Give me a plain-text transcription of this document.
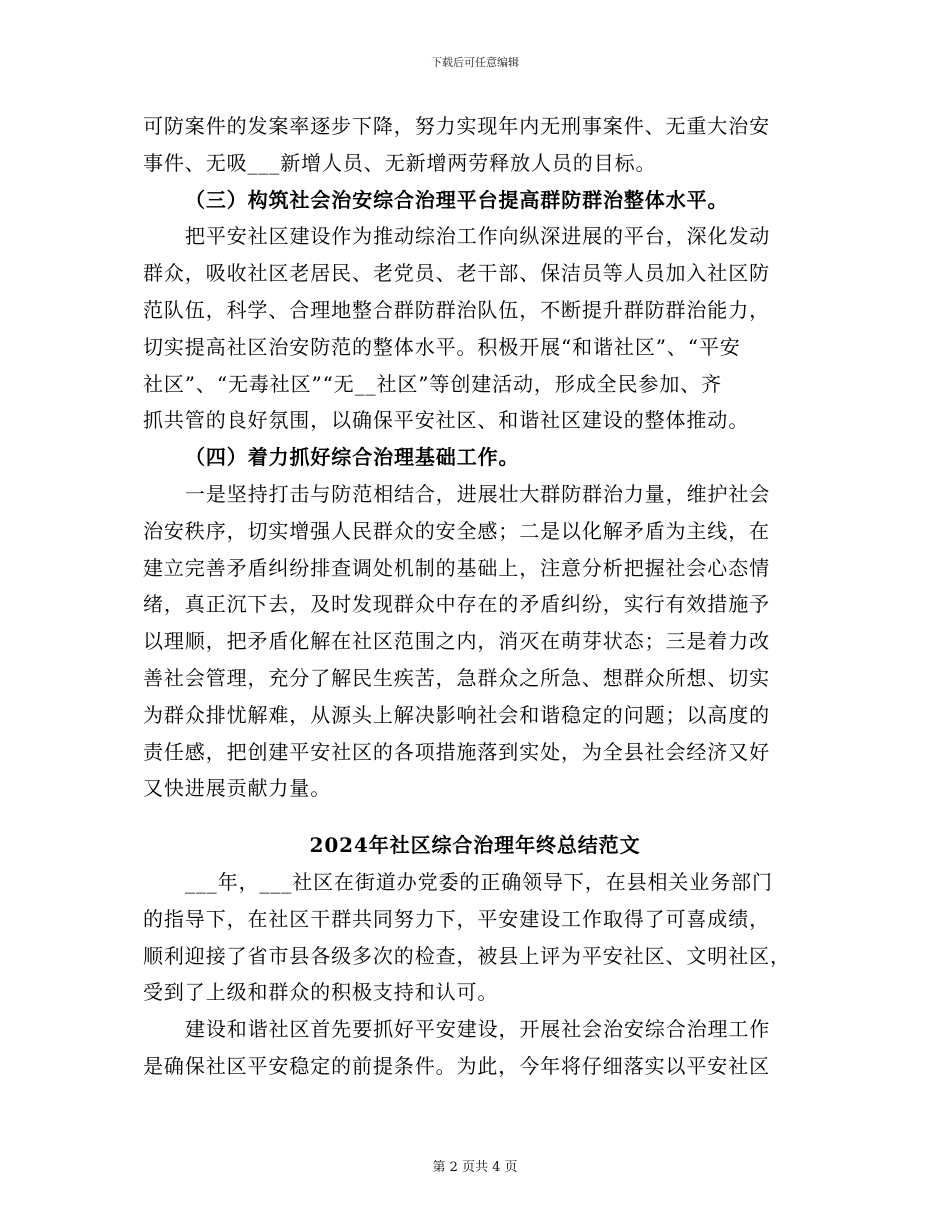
下载后可任意编辑
可防案件的发案率逐步下降，努力实现年内无刑事案件、无重大治安
事件、无吸___新增人员、无新增两劳释放人员的目标。
（三）构筑社会治安综合治理平台提高群防群治整体水平。
把平安社区建设作为推动综治工作向纵深进展的平台，深化发动
群众，吸收社区老居民、老党员、老干部、保洁员等人员加入社区防
范队伍，科学、合理地整合群防群治队伍，不断提升群防群治能力，
切实提高社区治安防范的整体水平。积极开展“和谐社区”、“平安
社区”、“无毒社区”“无__社区”等创建活动，形成全民参加、齐
抓共管的良好氛围，以确保平安社区、和谐社区建设的整体推动。
（四）着力抓好综合治理基础工作。
一是坚持打击与防范相结合，进展壮大群防群治力量，维护社会
治安秩序，切实增强人民群众的安全感；二是以化解矛盾为主线，在
建立完善矛盾纠纷排查调处机制的基础上，注意分析把握社会心态情
绪，真正沉下去，及时发现群众中存在的矛盾纠纷，实行有效措施予
以理顺，把矛盾化解在社区范围之内，消灭在萌芽状态；三是着力改
善社会管理，充分了解民生疾苦，急群众之所急、想群众所想、切实
为群众排忧解难，从源头上解决影响社会和谐稳定的问题；以高度的
责任感，把创建平安社区的各项措施落到实处，为全县社会经济又好
又快进展贡献力量。
2024年社区综合治理年终总结范文
___年，___社区在街道办党委的正确领导下，在县相关业务部门
的指导下，在社区干群共同努力下，平安建设工作取得了可喜成绩，
顺利迎接了省市县各级多次的检查，被县上评为平安社区、文明社区，
受到了上级和群众的积极支持和认可。
建设和谐社区首先要抓好平安建设，开展社会治安综合治理工作
是确保社区平安稳定的前提条件。为此，今年将仔细落实以平安社区
第 2 页共 4 页
